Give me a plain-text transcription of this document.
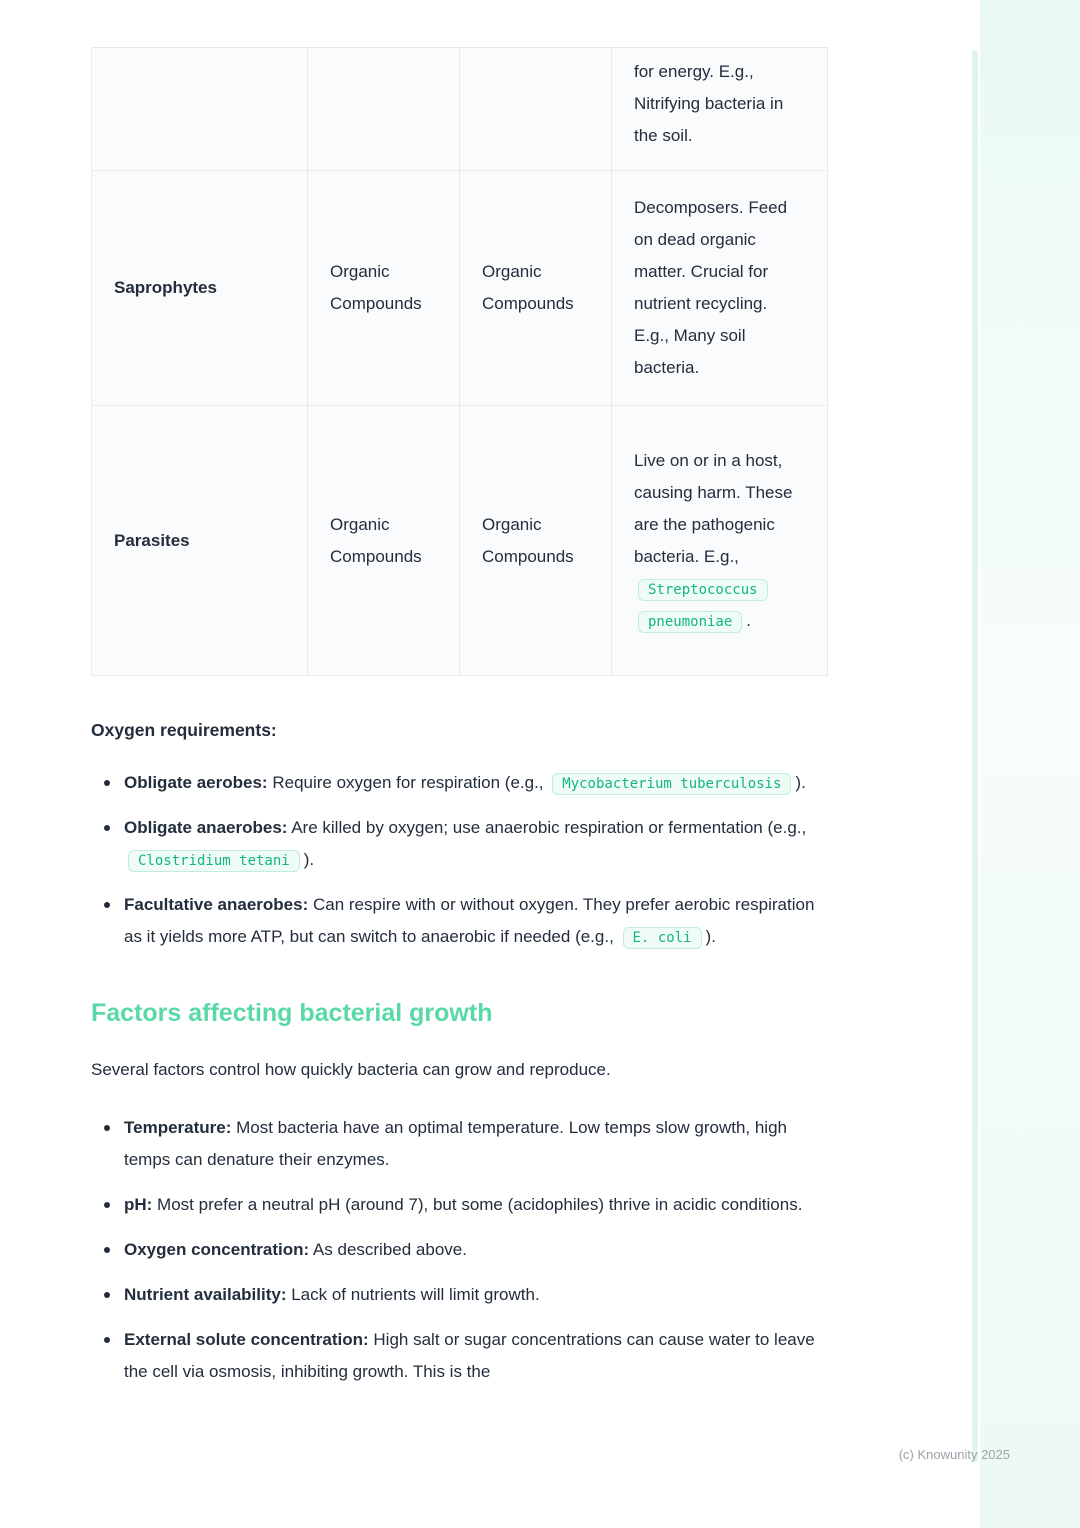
			for energy. E.g., Nitrifying bacteria in the soil.
Saprophytes	Organic Compounds	Organic Compounds	Decomposers. Feed on dead organic matter. Crucial for nutrient recycling. E.g., Many soil bacteria.
Parasites	Organic Compounds	Organic Compounds	Live on or in a host, causing harm. These are the pathogenic bacteria. E.g., Streptococcus pneumoniae .
Oxygen requirements:
Obligate aerobes: Require oxygen for respiration (e.g., Mycobacterium tuberculosis ).
Obligate anaerobes: Are killed by oxygen; use anaerobic respiration or fermentation (e.g., Clostridium tetani ).
Facultative anaerobes: Can respire with or without oxygen. They prefer aerobic respiration as it yields more ATP, but can switch to anaerobic if needed (e.g., E. coli ).
Factors affecting bacterial growth

Several factors control how quickly bacteria can grow and reproduce.

Temperature: Most bacteria have an optimal temperature. Low temps slow growth, high temps can denature their enzymes.
pH: Most prefer a neutral pH (around 7), but some (acidophiles) thrive in acidic conditions.
Oxygen concentration: As described above.
Nutrient availability: Lack of nutrients will limit growth.
External solute concentration: High salt or sugar concentrations can cause water to leave the cell via osmosis, inhibiting growth. This is the
(c) Knowunity 2025
